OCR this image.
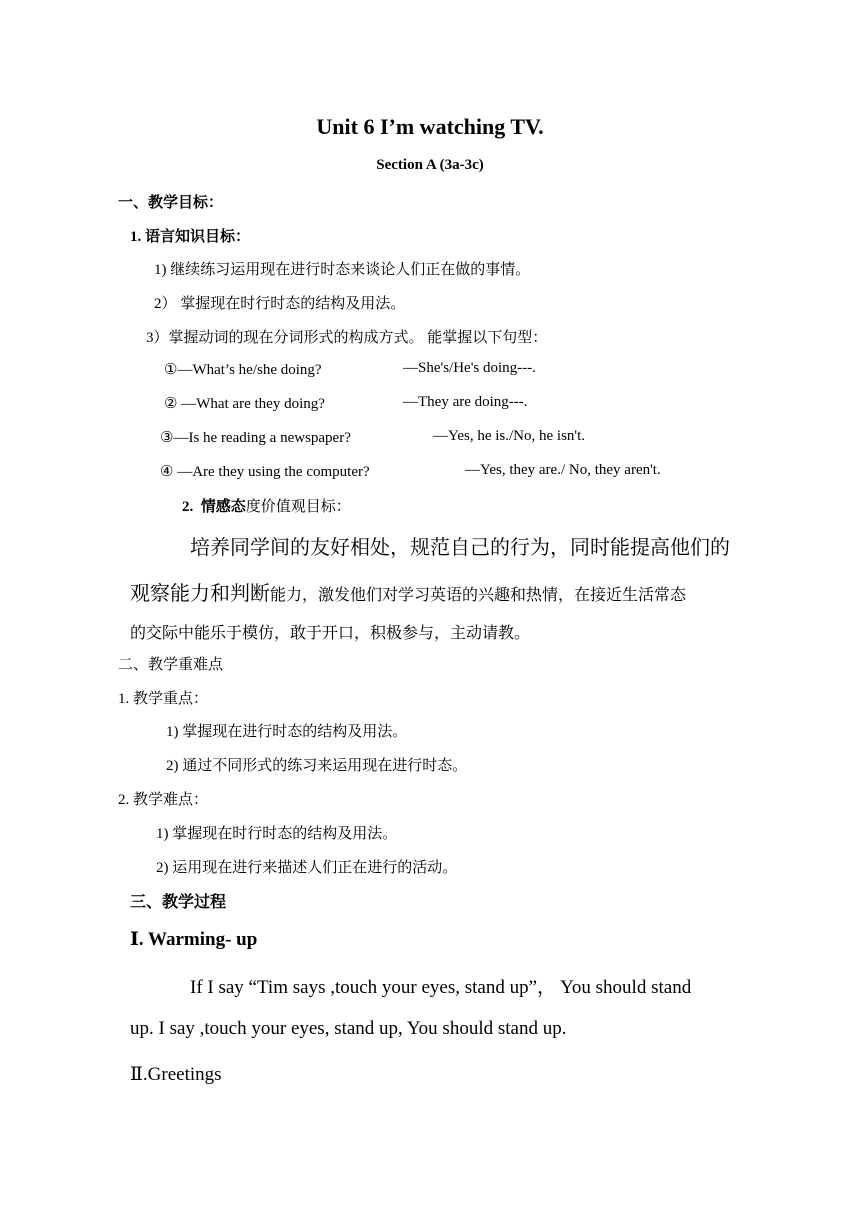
Unit 6 I’m watching TV.
Section A (3a-3c)
一、教学目标：
1. 语言知识目标：
1) 继续练习运用现在进行时态来谈论人们正在做的事情。
2） 掌握现在时行时态的结构及用法。
3）掌握动词的现在分词形式的构成方式。 能掌握以下句型：
①—What’s he/she doing?	—She's/He's doing---.
② —What are they doing?	—They are doing---.
③—Is he reading a newspaper?	—Yes, he is./No, he isn't.
④ —Are they using the computer?	—Yes, they are./ No, they aren't.
2. 情感态度价值观目标：
培养同学间的友好相处，规范自己的行为，同时能提高他们的
观察能力和判断能力，激发他们对学习英语的兴趣和热情，在接近生活常态
的交际中能乐于模仿，敢于开口，积极参与，主动请教。
二、教学重难点
1. 教学重点：
1) 掌握现在进行时态的结构及用法。
2) 通过不同形式的练习来运用现在进行时态。
2. 教学难点：
1) 掌握现在时行时态的结构及用法。
2) 运用现在进行来描述人们正在进行的活动。
三、教学过程
Ⅰ. Warming- up
If I say “Tim says ,touch your eyes, stand up”， You should stand
up. I say ,touch your eyes, stand up, You should stand up.
Ⅱ.Greetings
